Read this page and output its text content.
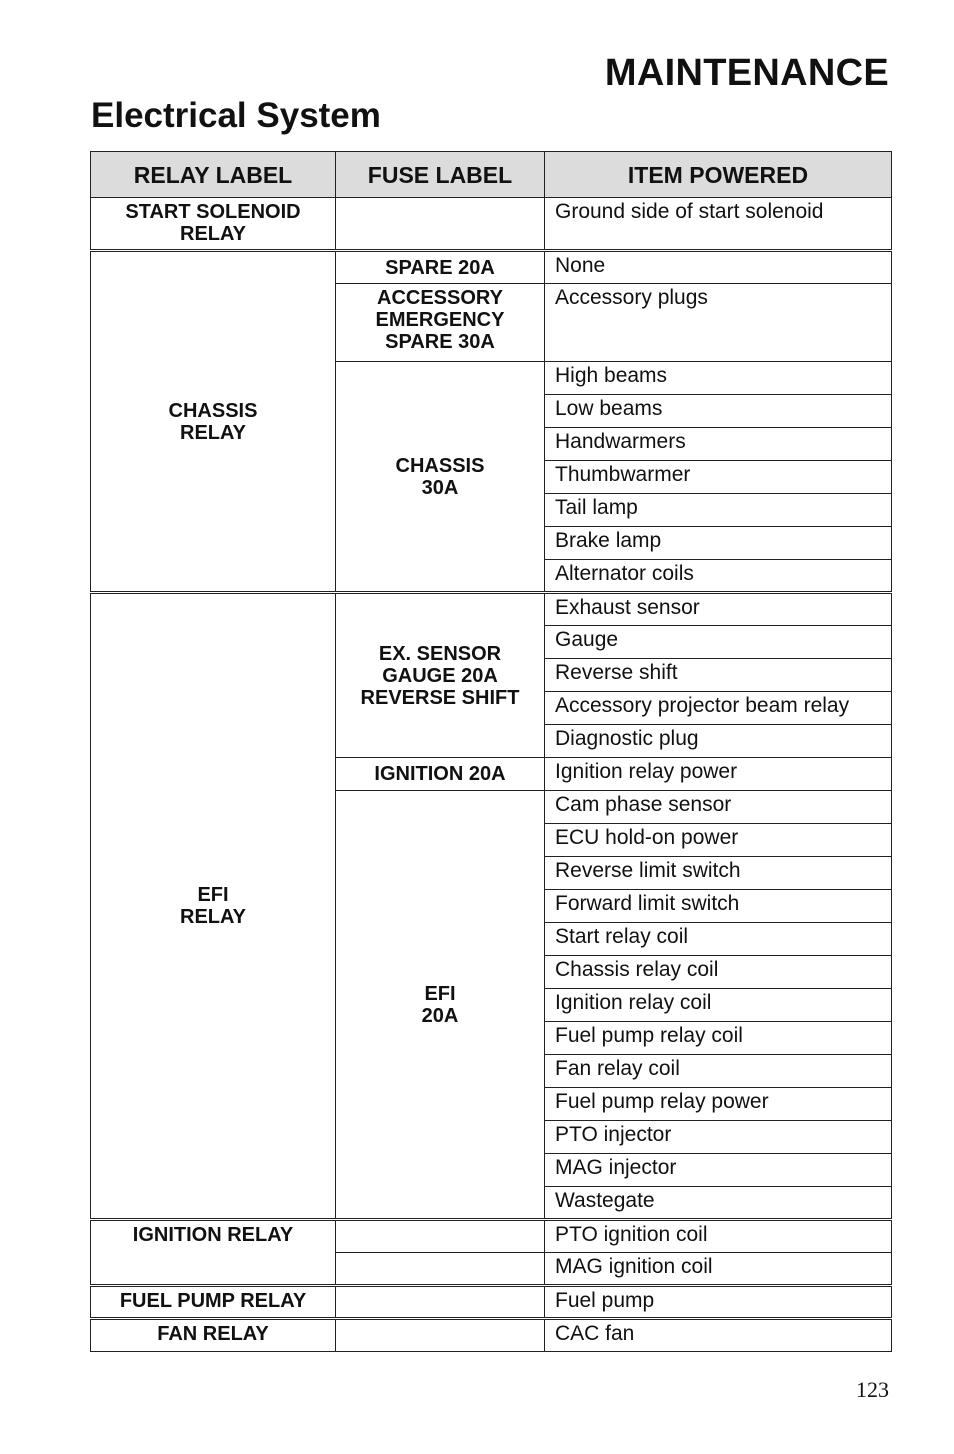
MAINTENANCE
Electrical System
RELAY LABEL	FUSE LABEL	ITEM POWERED

START SOLENOID
RELAY		Ground side of start solenoid

CHASSIS
RELAY	SPARE 20A	None

	ACCESSORY
EMERGENCY
SPARE 30A	Accessory plugs

	CHASSIS
30A	High beams
		Low beams
		Handwarmers
		Thumbwarmer
		Tail lamp
		Brake lamp
		Alternator coils

EFI
RELAY	EX. SENSOR
GAUGE 20A
REVERSE SHIFT	Exhaust sensor
		Gauge
		Reverse shift
		Accessory projector beam relay
		Diagnostic plug
	IGNITION 20A	Ignition relay power

	EFI
20A	Cam phase sensor
		ECU hold-on power
		Reverse limit switch
		Forward limit switch
		Start relay coil
		Chassis relay coil
		Ignition relay coil
		Fuel pump relay coil
		Fan relay coil
		Fuel pump relay power
		PTO injector
		MAG injector
		Wastegate
IGNITION RELAY		PTO ignition coil
		MAG ignition coil
FUEL PUMP RELAY		Fuel pump
FAN RELAY		CAC fan
123
